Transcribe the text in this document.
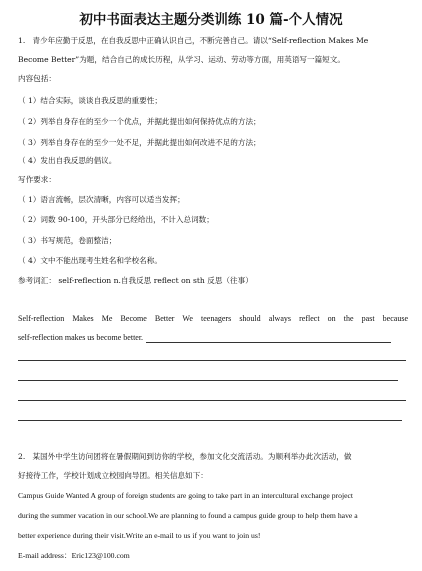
初中书面表达主题分类训练 10 篇-个人情况
1. 青少年应勤于反思，在自我反思中正确认识自己，不断完善自己。请以“Self-reflection Makes Me
Become Better”为题，结合自己的成长历程，从学习、运动、劳动等方面，用英语写一篇短文。
内容包括：
（ 1）结合实际，谈谈自我反思的重要性；
（ 2）列举自身存在的至少一个优点，并据此提出如何保持优点的方法；
（ 3）列举自身存在的至少一处不足，并据此提出如何改进不足的方法；
（ 4）发出自我反思的倡议。
写作要求：
（ 1）语言流畅，层次清晰，内容可以适当发挥；
（ 2）词数 90-100，开头部分已经给出，不计入总词数；
（ 3）书写规范，卷面整洁；
（ 4）文中不能出现考生姓名和学校名称。
参考词汇： self-reflection n.自我反思 reflect on sth 反思（往事）
Self-reflection Makes Me Become Better We teenagers should always reflect on the past because
self-reflection makes us become better.
2. 某国外中学生访问团将在暑假期间到访你的学校，参加文化交流活动。为顺利举办此次活动，做
好接待工作，学校计划成立校园向导团。相关信息如下：
Campus Guide Wanted A group of foreign students are going to take part in an intercultural exchange project
during the summer vacation in our school.We are planning to found a campus guide group to help them have a
better experience during their visit.Write an e-mail to us if you want to join us!
E-mail address：Eric123@100.com
